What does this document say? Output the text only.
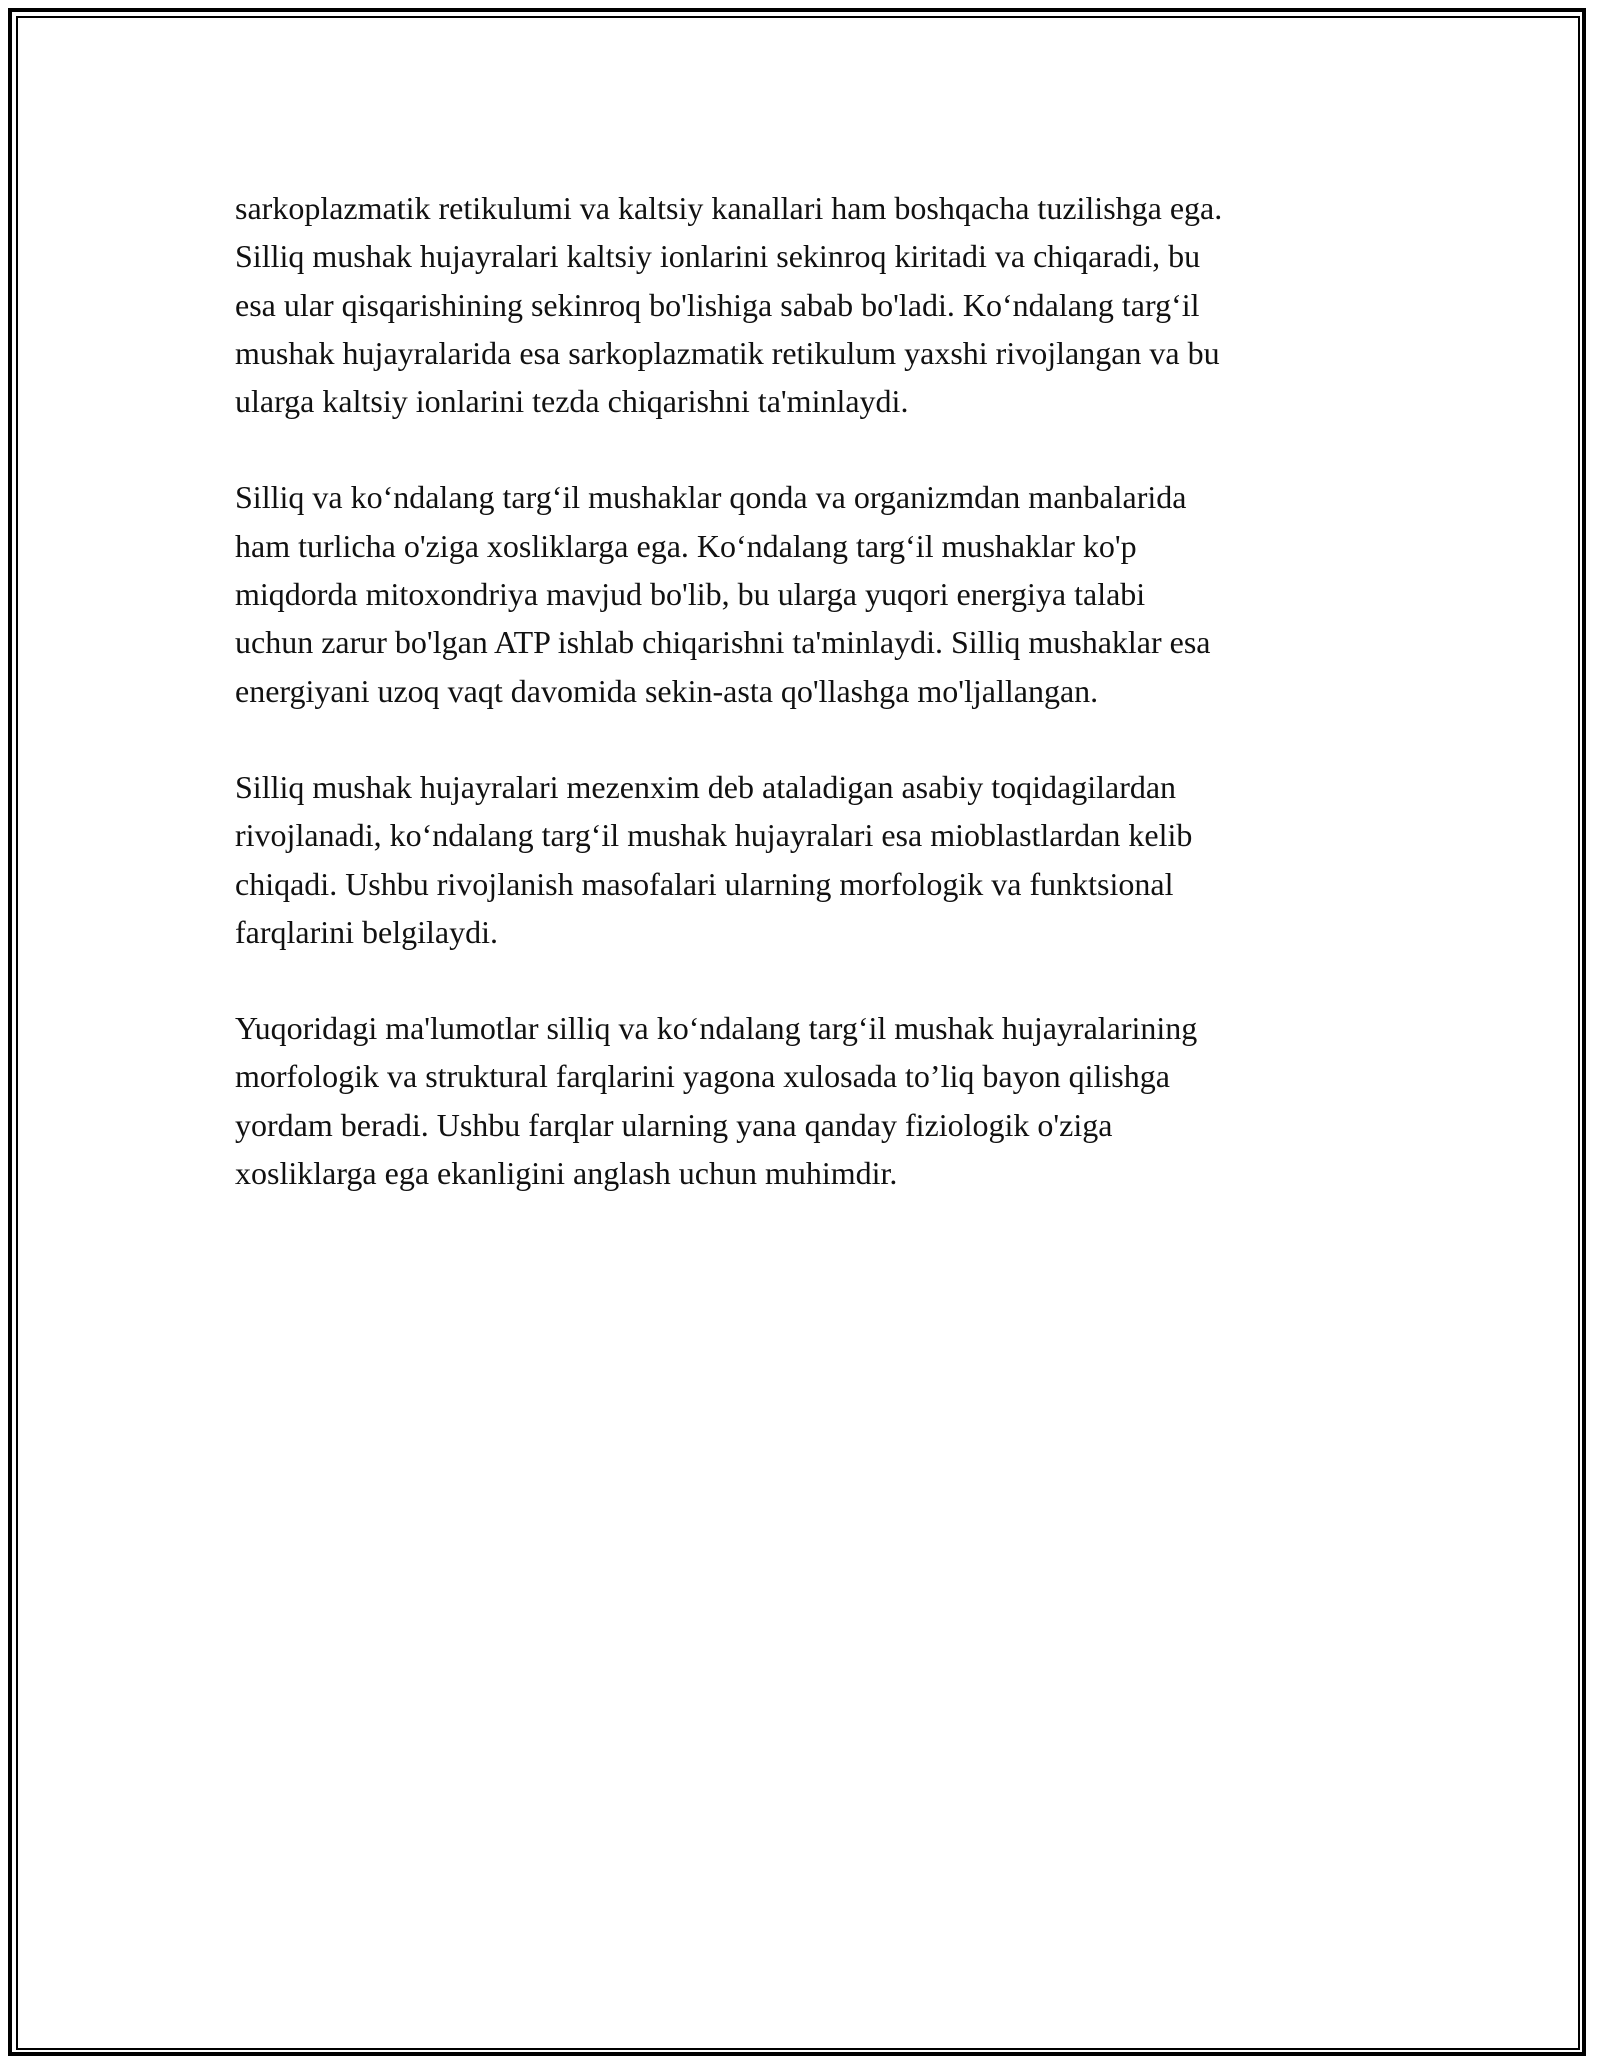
sarkoplazmatik retikulumi va kaltsiy kanallari ham boshqacha tuzilishga ega.
Silliq mushak hujayralari kaltsiy ionlarini sekinroq kiritadi va chiqaradi, bu
esa ular qisqarishining sekinroq bo'lishiga sabab bo'ladi. Ko‘ndalang targ‘il
mushak hujayralarida esa sarkoplazmatik retikulum yaxshi rivojlangan va bu
ularga kaltsiy ionlarini tezda chiqarishni ta'minlaydi.

Silliq va ko‘ndalang targ‘il mushaklar qonda va organizmdan manbalarida
ham turlicha o'ziga xosliklarga ega. Ko‘ndalang targ‘il mushaklar ko'p
miqdorda mitoxondriya mavjud bo'lib, bu ularga yuqori energiya talabi
uchun zarur bo'lgan ATP ishlab chiqarishni ta'minlaydi. Silliq mushaklar esa
energiyani uzoq vaqt davomida sekin-asta qo'llashga mo'ljallangan.

Silliq mushak hujayralari mezenxim deb ataladigan asabiy toqidagilardan
rivojlanadi, ko‘ndalang targ‘il mushak hujayralari esa mioblastlardan kelib
chiqadi. Ushbu rivojlanish masofalari ularning morfologik va funktsional
farqlarini belgilaydi.

Yuqoridagi ma'lumotlar silliq va ko‘ndalang targ‘il mushak hujayralarining
morfologik va struktural farqlarini yagona xulosada to’liq bayon qilishga
yordam beradi. Ushbu farqlar ularning yana qanday fiziologik o'ziga
xosliklarga ega ekanligini anglash uchun muhimdir.
